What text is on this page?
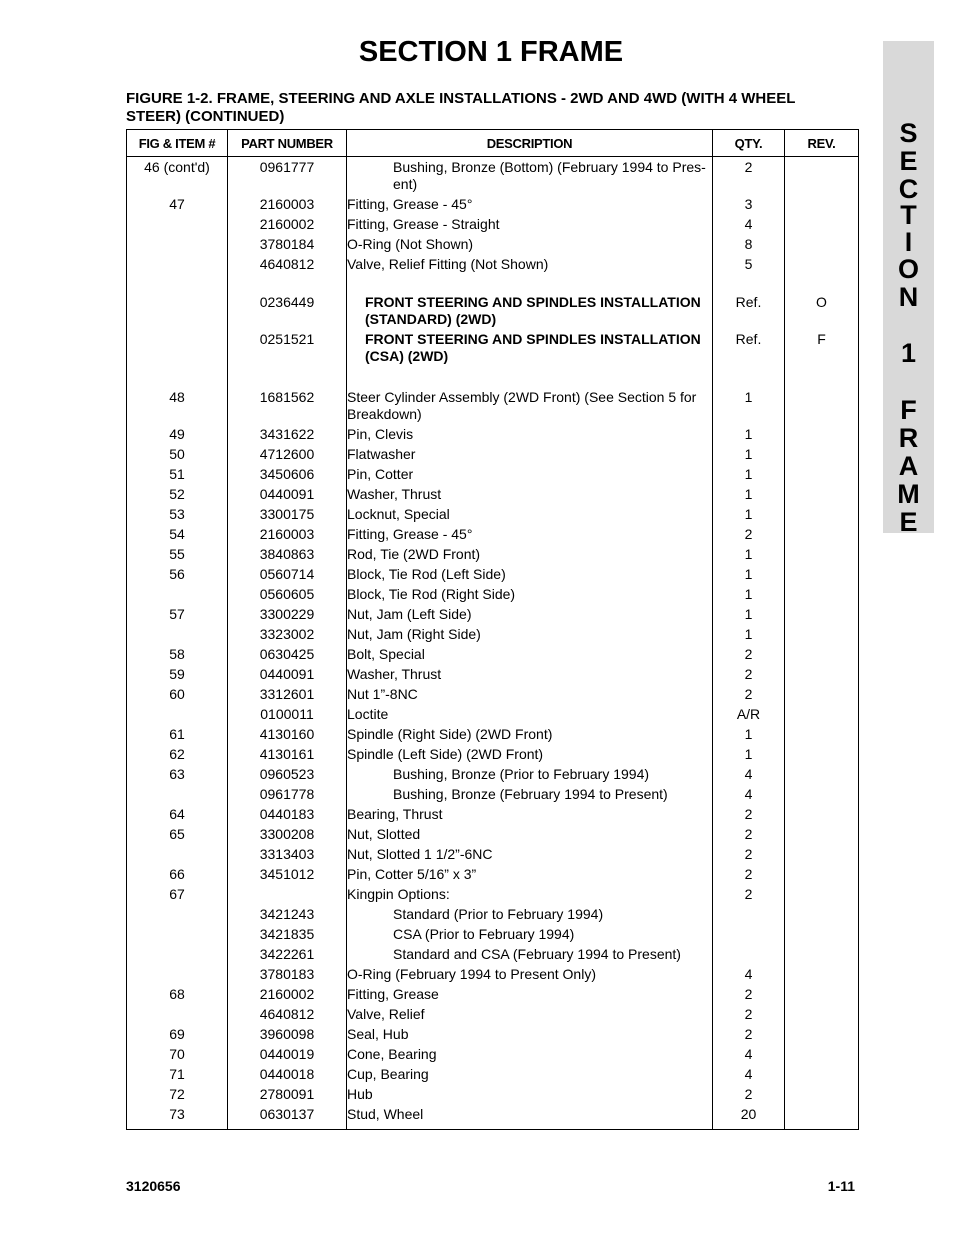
SECTION 1 FRAME
FIGURE 1-2. FRAME, STEERING AND AXLE INSTALLATIONS - 2WD AND 4WD (WITH 4 WHEEL STEER) (CONTINUED)
S
E
C
T
I
O
N
1
F
R
A
M
E
FIG & ITEM #	PART NUMBER	DESCRIPTION	QTY.	REV.
46 (cont'd)	0961777	Bushing, Bronze (Bottom) (February 1994 to Pres-ent)	2	
47	2160003	Fitting, Grease - 45°	3	
	2160002	Fitting, Grease - Straight	4	
	3780184	O-Ring (Not Shown)	8	
	4640812	Valve, Relief Fitting (Not Shown)	5	

	0236449	FRONT STEERING AND SPINDLES INSTALLATION (STANDARD) (2WD)	Ref.	O
	0251521	FRONT STEERING AND SPINDLES INSTALLATION (CSA) (2WD)	Ref.	F

48	1681562	Steer Cylinder Assembly (2WD Front) (See Section 5 for Breakdown)	1	
49	3431622	Pin, Clevis	1	
50	4712600	Flatwasher	1	
51	3450606	Pin, Cotter	1	
52	0440091	Washer, Thrust	1	
53	3300175	Locknut, Special	1	
54	2160003	Fitting, Grease - 45°	2	
55	3840863	Rod, Tie (2WD Front)	1	
56	0560714	Block, Tie Rod (Left Side)	1	
	0560605	Block, Tie Rod (Right Side)	1	
57	3300229	Nut, Jam (Left Side)	1	
	3323002	Nut, Jam (Right Side)	1	
58	0630425	Bolt, Special	2	
59	0440091	Washer, Thrust	2	
60	3312601	Nut 1”-8NC	2	
	0100011	Loctite	A/R	
61	4130160	Spindle (Right Side) (2WD Front)	1	
62	4130161	Spindle (Left Side) (2WD Front)	1	
63	0960523	Bushing, Bronze (Prior to February 1994)	4	
	0961778	Bushing, Bronze (February 1994 to Present)	4	
64	0440183	Bearing, Thrust	2	
65	3300208	Nut, Slotted	2	
	3313403	Nut, Slotted 1 1/2”-6NC	2	
66	3451012	Pin, Cotter 5/16” x 3”	2	
67		Kingpin Options:	2	
	3421243	Standard (Prior to February 1994)		
	3421835	CSA (Prior to February 1994)		
	3422261	Standard and CSA (February 1994 to Present)		
	3780183	O-Ring (February 1994 to Present Only)	4	
68	2160002	Fitting, Grease	2	
	4640812	Valve, Relief	2	
69	3960098	Seal, Hub	2	
70	0440019	Cone, Bearing	4	
71	0440018	Cup, Bearing	4	
72	2780091	Hub	2	
73	0630137	Stud, Wheel	20	
3120656	1-11
